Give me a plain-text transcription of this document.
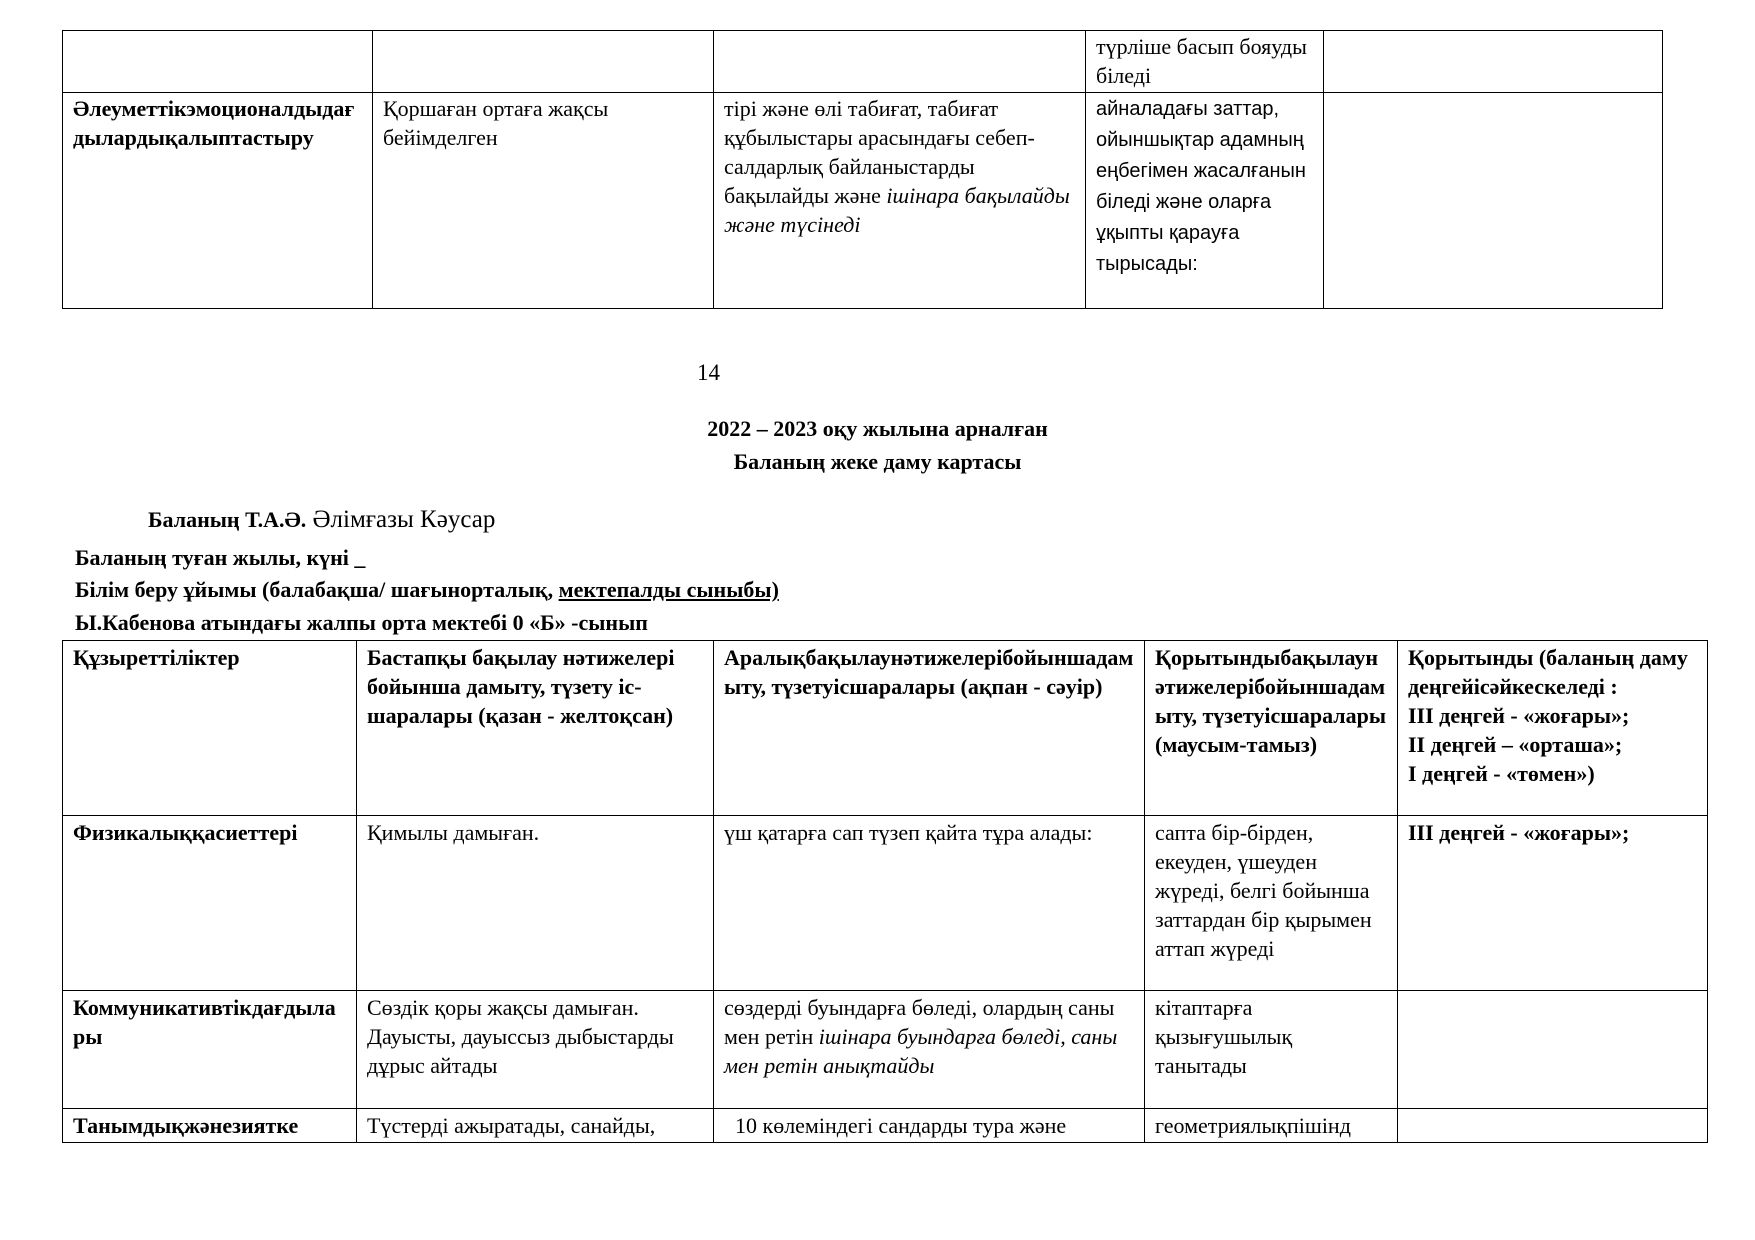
			түрліше басып бояуды біледі	
Әлеуметтікэмоционалдыдағдылардықалыптастыру	Қоршаған ортаға жақсы бейімделген	тірі және өлі табиғат, табиғат құбылыстары арасындағы себеп-салдарлық байланыстарды бақылайды және ішінара бақылайды және түсінеді	айналадағы заттар, ойыншықтар адамның еңбегімен жасалғанын біледі және оларға ұқыпты қарауға тырысады:	
14
2022 – 2023 оқу жылына арналған
Баланың жеке даму картасы
Баланың Т.А.Ә. Әлімғазы Кәусар
Баланың туған жылы, күні _
Білім беру ұйымы (балабақша/ шағынорталық, мектепалды сыныбы)
Ы.Кабенова атындағы жалпы орта мектебі 0 «Б» -сынып
Құзыреттіліктер	Бастапқы бақылау нәтижелері бойынша дамыту, түзету іс-шаралары (қазан - желтоқсан)	Аралықбақылаунәтижелерібойыншадамыту, түзетуісшаралары (ақпан - сәуір)	Қорытындыбақылаунәтижелерібойыншадамыту, түзетуісшаралары (маусым-тамыз)	Қорытынды (баланың даму деңгейісәйкескеледі :
ІІІ деңгей - «жоғары»;
ІІ деңгей – «орташа»;
І деңгей - «төмен»)

Физикалыққасиеттері	Қимылы дамыған.	үш қатарға сап түзеп қайта тұра алады:	сапта бір-бірден, екеуден, үшеуден жүреді, белгі бойынша заттардан бір қырымен аттап жүреді	ІІІ деңгей - «жоғары»;
Коммуникативтікдағдылары	Сөздік қоры жақсы дамыған. Дауысты, дауыссыз дыбыстарды дұрыс айтады	сөздерді буындарға бөледі, олардың саны мен ретін ішінара буындарға бөледі, саны мен ретін анықтайды	кітаптарға қызығушылық танытады	
Танымдықжәнезиятке	Түстерді ажыратады, санайды,	10 көлеміндегі сандарды тура және	геометриялықпішінд	
